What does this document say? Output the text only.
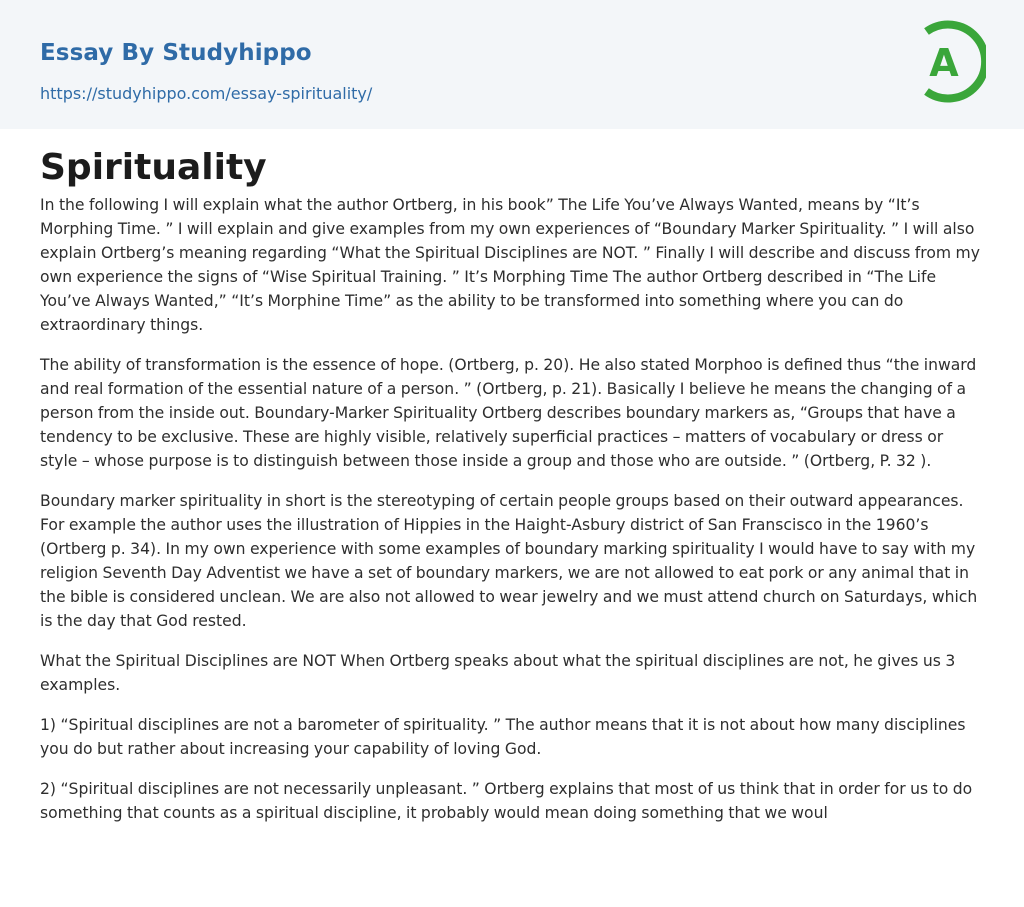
Essay By Studyhippo
https://studyhippo.com/essay-spirituality/
A
Spirituality

In the following I will explain what the author Ortberg, in his book” The Life You’ve Always Wanted, means by “It’s Morphing Time. ” I will explain and give examples from my own experiences of “Boundary Marker Spirituality. ” I will also explain Ortberg’s meaning regarding “What the Spiritual Disciplines are NOT. ” Finally I will describe and discuss from my own experience the signs of “Wise Spiritual Training. ” It’s Morphing Time The author Ortberg described in “The Life You’ve Always Wanted,” “It’s Morphine Time” as the ability to be transformed into something where you can do extraordinary things.

The ability of transformation is the essence of hope. (Ortberg, p. 20). He also stated Morphoo is defined thus “the inward and real formation of the essential nature of a person. ” (Ortberg, p. 21). Basically I believe he means the changing of a person from the inside out. Boundary-Marker Spirituality Ortberg describes boundary markers as, “Groups that have a tendency to be exclusive. These are highly visible, relatively superficial practices – matters of vocabulary or dress or style – whose purpose is to distinguish between those inside a group and those who are outside. ” (Ortberg, P. 32 ).

Boundary marker spirituality in short is the stereotyping of certain people groups based on their outward appearances. For example the author uses the illustration of Hippies in the Haight-Asbury district of San Franscisco in the 1960’s (Ortberg p. 34). In my own experience with some examples of boundary marking spirituality I would have to say with my religion Seventh Day Adventist we have a set of boundary markers, we are not allowed to eat pork or any animal that in the bible is considered unclean. We are also not allowed to wear jewelry and we must attend church on Saturdays, which is the day that God rested.

What the Spiritual Disciplines are NOT When Ortberg speaks about what the spiritual disciplines are not, he gives us 3 examples.

1) “Spiritual disciplines are not a barometer of spirituality. ” The author means that it is not about how many disciplines you do but rather about increasing your capability of loving God.

2) “Spiritual disciplines are not necessarily unpleasant. ” Ortberg explains that most of us think that in order for us to do something that counts as a spiritual discipline, it probably would mean doing something that we woul
